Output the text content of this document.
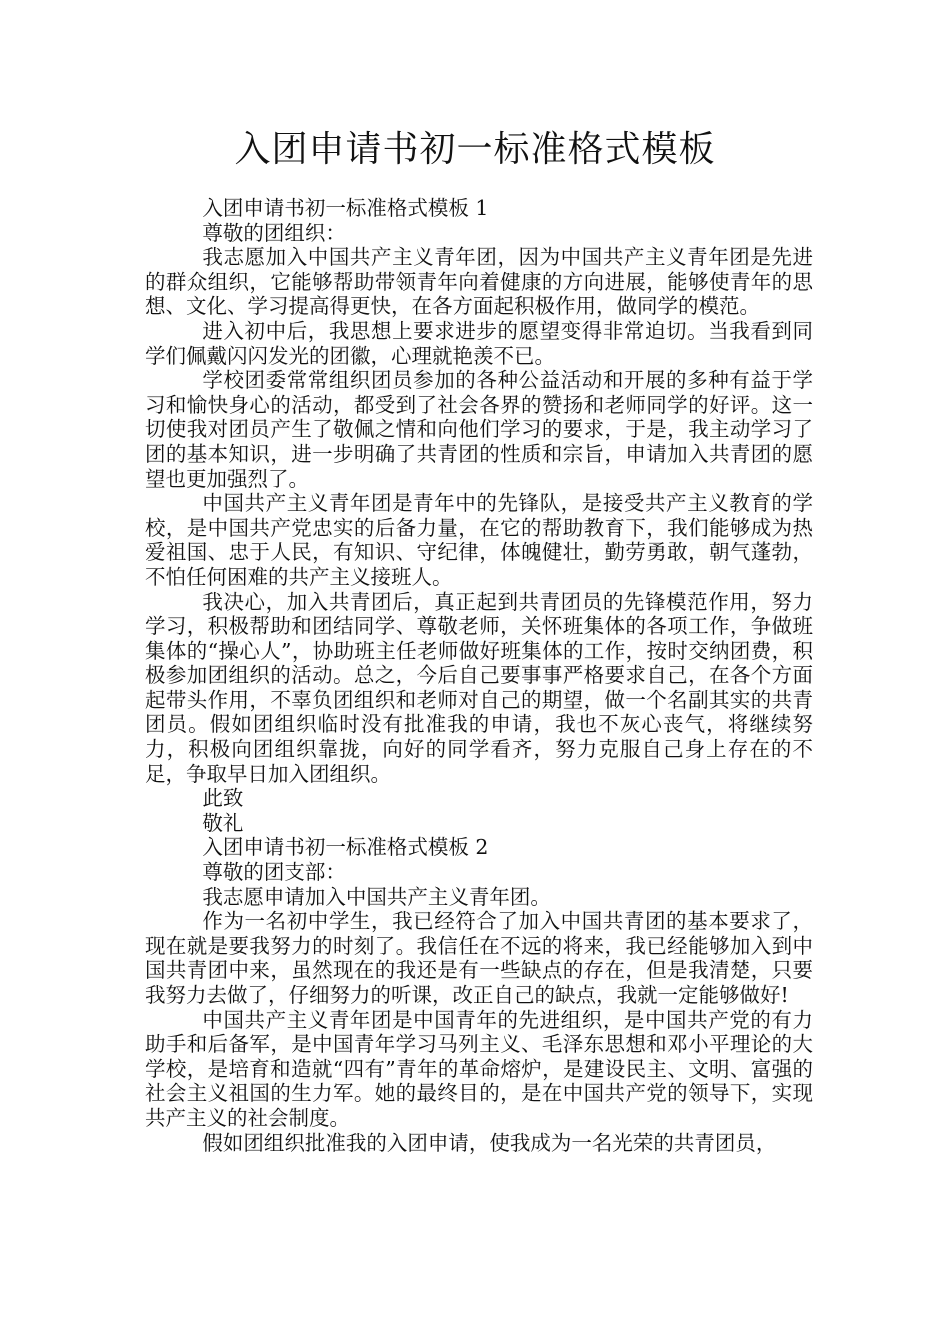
入团申请书初一标准格式模板

入团申请书初一标准格式模板 1

尊敬的团组织：

我志愿加入中国共产主义青年团，因为中国共产主义青年团是先进的群众组织，它能够帮助带领青年向着健康的方向进展，能够使青年的思想、文化、学习提高得更快，在各方面起积极作用，做同学的模范。

进入初中后，我思想上要求进步的愿望变得非常迫切。当我看到同学们佩戴闪闪发光的团徽，心理就艳羡不已。

学校团委常常组织团员参加的各种公益活动和开展的多种有益于学习和愉快身心的活动，都受到了社会各界的赞扬和老师同学的好评。这一切使我对团员产生了敬佩之情和向他们学习的要求，于是，我主动学习了团的基本知识，进一步明确了共青团的性质和宗旨，申请加入共青团的愿望也更加强烈了。

中国共产主义青年团是青年中的先锋队，是接受共产主义教育的学校，是中国共产党忠实的后备力量，在它的帮助教育下，我们能够成为热爱祖国、忠于人民，有知识、守纪律，体魄健壮，勤劳勇敢，朝气蓬勃，不怕任何困难的共产主义接班人。

我决心，加入共青团后，真正起到共青团员的先锋模范作用，努力学习，积极帮助和团结同学、尊敬老师，关怀班集体的各项工作，争做班集体的“操心人”，协助班主任老师做好班集体的工作，按时交纳团费，积极参加团组织的活动。总之，今后自己要事事严格要求自己，在各个方面起带头作用，不辜负团组织和老师对自己的期望，做一个名副其实的共青团员。假如团组织临时没有批准我的申请，我也不灰心丧气，将继续努力，积极向团组织靠拢，向好的同学看齐，努力克服自己身上存在的不足，争取早日加入团组织。

此致

敬礼

入团申请书初一标准格式模板 2

尊敬的团支部：

我志愿申请加入中国共产主义青年团。

作为一名初中学生，我已经符合了加入中国共青团的基本要求了，现在就是要我努力的时刻了。我信任在不远的将来，我已经能够加入到中国共青团中来，虽然现在的我还是有一些缺点的存在，但是我清楚，只要我努力去做了，仔细努力的听课，改正自己的缺点，我就一定能够做好!

中国共产主义青年团是中国青年的先进组织，是中国共产党的有力助手和后备军，是中国青年学习马列主义、毛泽东思想和邓小平理论的大学校，是培育和造就“四有”青年的革命熔炉，是建设民主、文明、富强的社会主义祖国的生力军。她的最终目的，是在中国共产党的领导下，实现共产主义的社会制度。

假如团组织批准我的入团申请，使我成为一名光荣的共青团员，
